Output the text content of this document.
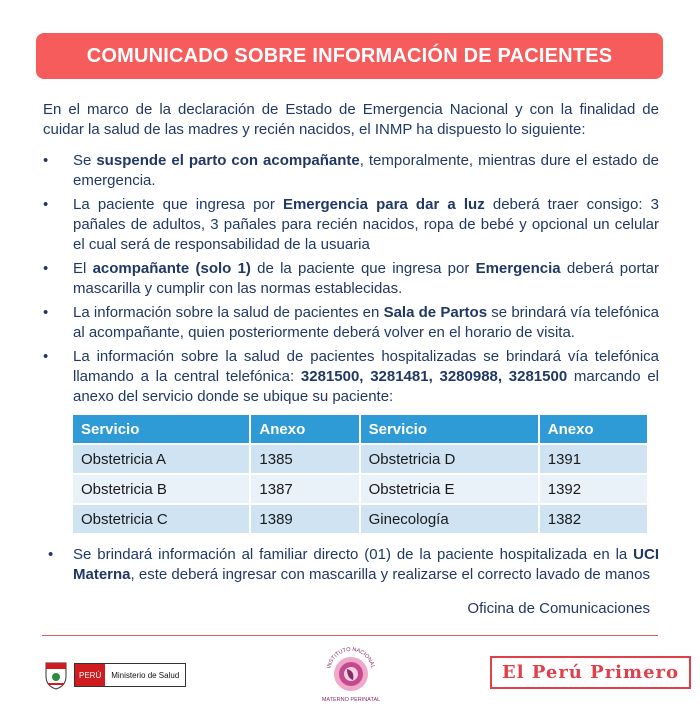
COMUNICADO SOBRE INFORMACIÓN DE PACIENTES

En el marco de la declaración de Estado de Emergencia Nacional y con la finalidad de cuidar la salud de las madres y recién nacidos, el INMP ha dispuesto lo siguiente:

• Se suspende el parto con acompañante, temporalmente, mientras dure el estado de emergencia.
• La paciente que ingresa por Emergencia para dar a luz deberá traer consigo: 3 pañales de adultos, 3 pañales para recién nacidos, ropa de bebé y opcional un celular el cual será de responsabilidad de la usuaria
• El acompañante (solo 1) de la paciente que ingresa por Emergencia deberá portar mascarilla y cumplir con las normas establecidas.
• La información sobre la salud de pacientes en Sala de Partos se brindará vía telefónica al acompañante, quien posteriormente deberá volver en el horario de visita.
• La información sobre la salud de pacientes hospitalizadas se brindará vía telefónica llamando a la central telefónica: 3281500, 3281481, 3280988, 3281500 marcando el anexo del servicio donde se ubique su paciente:
Servicio	Anexo	Servicio	Anexo
Obstetricia A	1385	Obstetricia D	1391
Obstetricia B	1387	Obstetricia E	1392
Obstetricia C	1389	Ginecología	1382
• Se brindará información al familiar directo (01) de la paciente hospitalizada en la UCI Materna, este deberá ingresar con mascarilla y realizarse el correcto lavado de manos
Oficina de Comunicaciones
PERÚ	Ministerio de Salud
INSTITUTO NACIONAL
MATERNO PERINATAL
El Perú Primero
